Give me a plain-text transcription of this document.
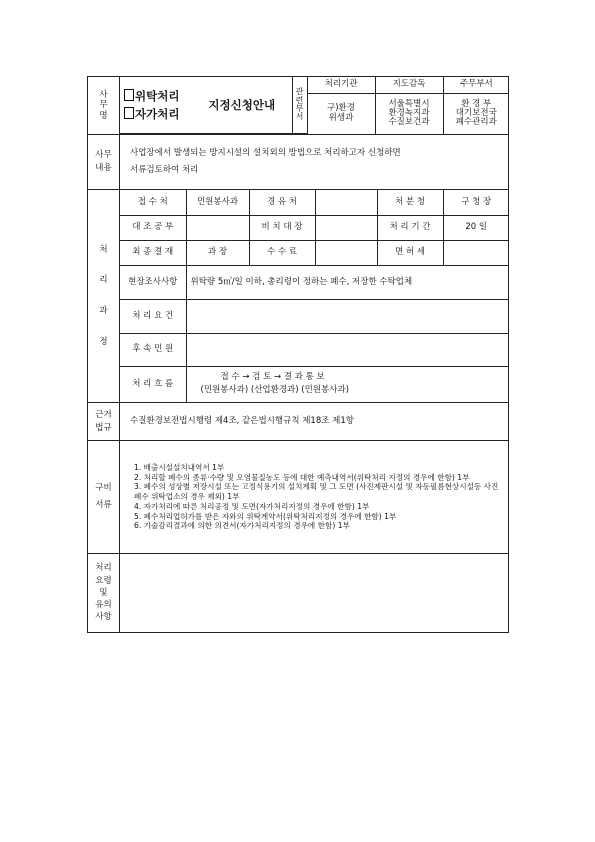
사
무
명

위탁처리
자가처리
	지정신청안내	
관
련
부
서
	처리기관	지도감독	주무부서

구)환경
위생과

서울특별시
환경녹지과
수질보건과

환 경 부
대기보전국
폐수관리과

사무
내용

사업장에서 발생되는 방지시설의 설치외의 방법으로 처리하고자 신청하면
서류검토하여 처리

처
리
과
정

접 수 처	민원봉사과	경 유 처		처 분 청	구 청 장
대 조 공 부		비 치 대 장		처 리 기 간	20 일
최 종 결 재	과 장	수 수 료		면 허 세	
현장조사사항	위탁량 5㎥/일 이하, 총리령이 정하는 폐수, 저장한 수탁업체
처 리 요 건	
후 속 민 원	
처 리 흐 름	
접 수 → 검 토 → 결 과 통 보
(민원봉사과) (산업환경과) (민원봉사과)

근거
법규
	수질환경보전법시행령 제4조, 같은법시행규칙 제18조 제1항

구비
서류

1. 배출시설설치내역서 1부
2. 처리할 폐수의 종류·수량 및 오염물질농도 등에 대한 예측내역서(위탁처리 지정의 경우에 한함) 1부
3. 폐수의 성상별 저장시설 또는 고정식용기의 설치계획 및 그 도면 (사진제판시설 및 자동필름현상시설등 사진폐수 위탁업소의 경우 제외) 1부
4. 자가처리에 따른 처리공정 및 도면(자가처리지정의 경우에 한함) 1부
5. 폐수처리업허가를 받은 자와의 위탁계약서(위탁처리지정의 경우에 한함) 1부
6. 기술감리결과에 의한 의견서(자가처리지정의 경우에 한함) 1부

처리
요령
및
유의
사항
